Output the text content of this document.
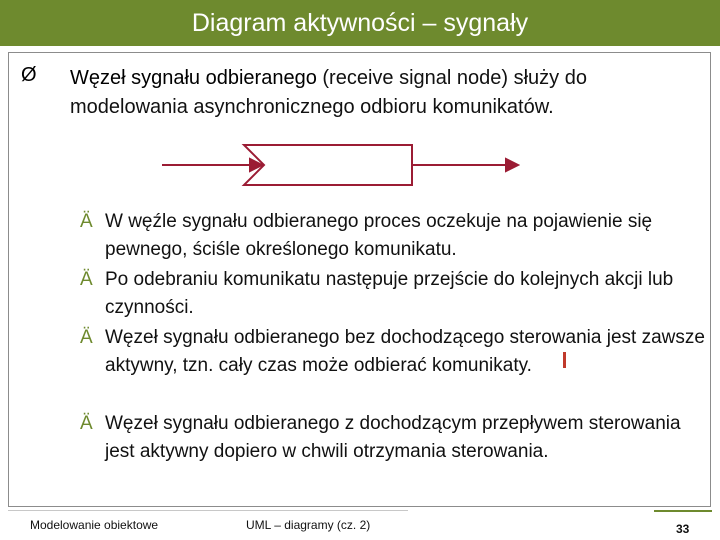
Diagram aktywności – sygnały
Ø Węzeł sygnału odbieranego (receive signal node) służy do modelowania asynchronicznego odbioru komunikatów.
Ä W węźle sygnału odbieranego proces oczekuje na pojawienie się pewnego, ściśle określonego komunikatu.
Ä Po odebraniu komunikatu następuje przejście do kolejnych akcji lub czynności.
Ä Węzeł sygnału odbieranego bez dochodzącego sterowania jest zawsze aktywny, tzn. cały czas może odbierać komunikaty.
Ä Węzeł sygnału odbieranego z dochodzącym przepływem sterowania jest aktywny dopiero w chwili otrzymania sterowania.
Modelowanie obiektowe	UML – diagramy (cz. 2)	33
